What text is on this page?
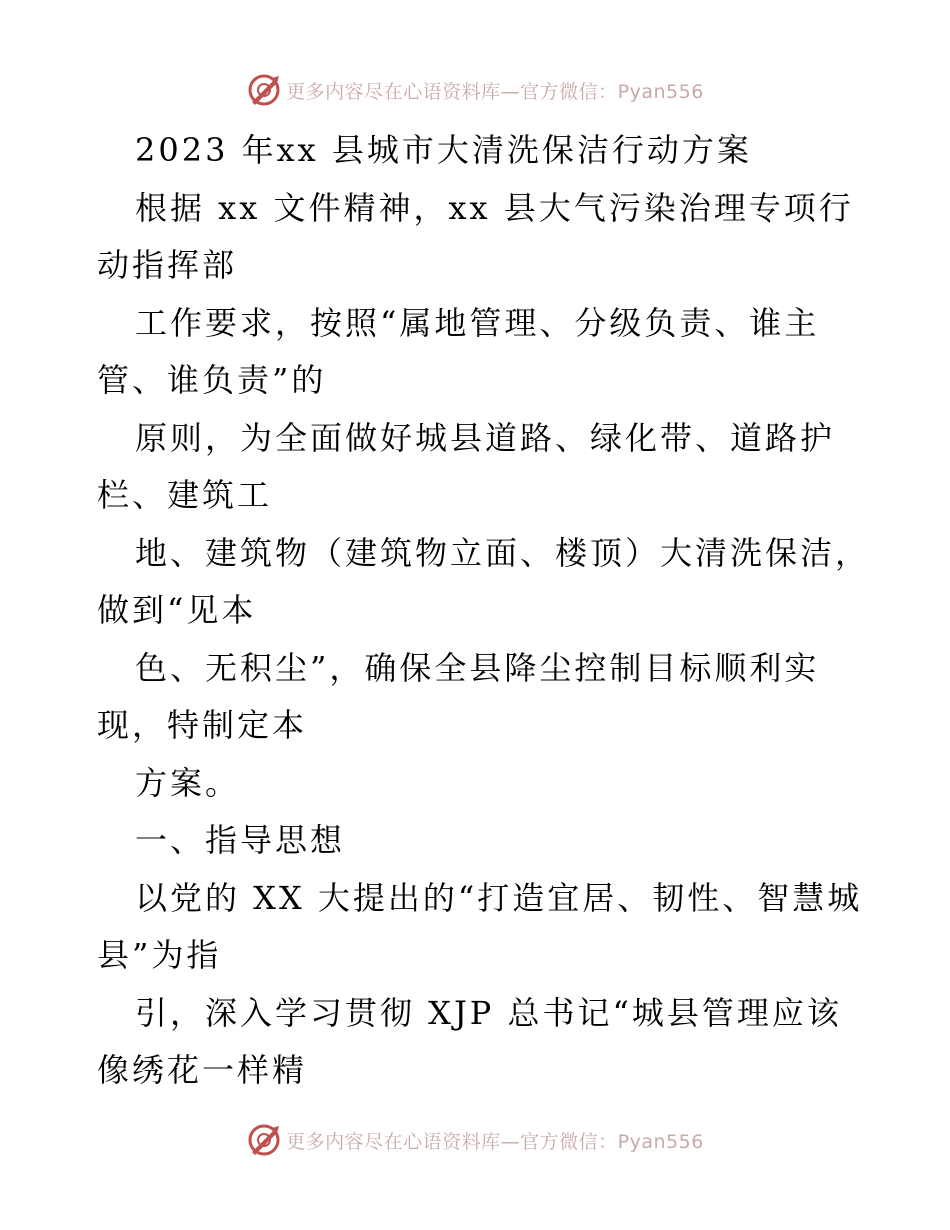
更多内容尽在心语资料库—官方微信：Pyan556
2023 年xx 县城市大清洗保洁行动方案
根据 xx 文件精神，xx 县大气污染治理专项行
动指挥部
工作要求，按照“属地管理、分级负责、谁主
管、谁负责”的
原则，为全面做好城县道路、绿化带、道路护
栏、建筑工
地、建筑物（建筑物立面、楼顶）大清洗保洁，
做到“见本
色、无积尘”，确保全县降尘控制目标顺利实
现，特制定本
方案。
一、指导思想
以党的 XX 大提出的“打造宜居、韧性、智慧城
县”为指
引，深入学习贯彻 XJP 总书记“城县管理应该
像绣花一样精
更多内容尽在心语资料库—官方微信：Pyan556
